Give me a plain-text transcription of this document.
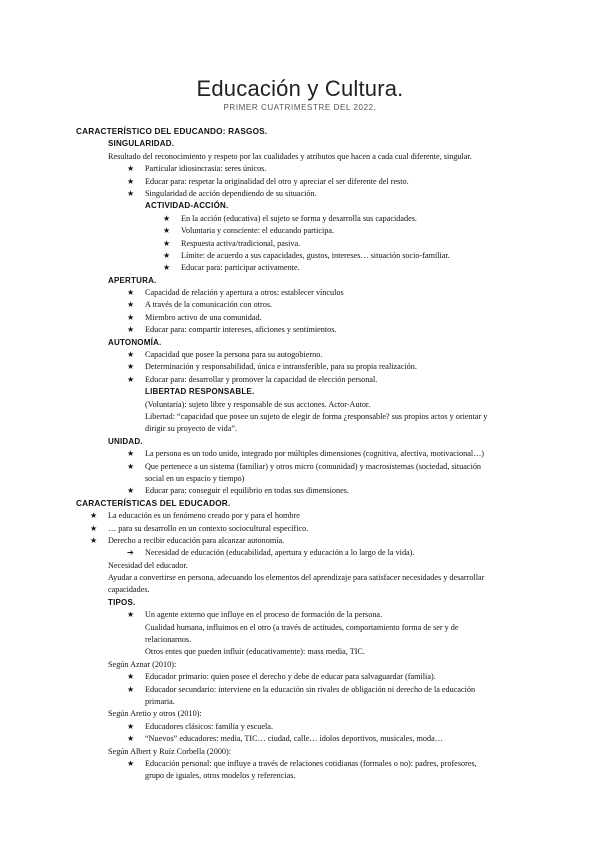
Educación y Cultura.
PRIMER CUATRIMESTRE DEL 2022.
CARACTERÍSTICO DEL EDUCANDO: RASGOS.
SINGULARIDAD.
Resultado del reconocimiento y respeto por las cualidades y atributos que hacen a cada cual diferente, singular.
★ Particular idiosincrasia: seres únicos.
★ Educar para: respetar la originalidad del otro y apreciar el ser diferente del resto.
★ Singularidad de acción dependiendo de su situación.
ACTIVIDAD-ACCIÓN.
★ En la acción (educativa) el sujeto se forma y desarrolla sus capacidades.
★ Voluntaria y consciente: el educando participa.
★ Respuesta activa/tradicional, pasiva.
★ Límite: de acuerdo a sus capacidades, gustos, intereses… situación socio-familiar.
★ Educar para: participar activamente.
APERTURA.
★ Capacidad de relación y apertura a otros: establecer vínculos
★ A través de la comunicación con otros.
★ Miembro activo de una comunidad.
★ Educar para: compartir intereses, aficiones y sentimientos.
AUTONOMÍA.
★ Capacidad que posee la persona para su autogobierno.
★ Determinación y responsabilidad, única e intransferible, para su propia realización.
★ Educar para: desarrollar y promover la capacidad de elección personal.
LIBERTAD RESPONSABLE.
(Voluntaria): sujeto libre y responsable de sus acciones. Actor-Autor.
Libertad: “capacidad que posee un sujeto de elegir de forma ¿responsable? sus propios actos y orientar y
dirigir su proyecto de vida”.
UNIDAD.
★ La persona es un todo unido, integrado por múltiples dimensiones (cognitiva, afectiva, motivacional…)
★ Que pertenece a un sistema (familiar) y otros micro (comunidad) y macrosistemas (sociedad, situación
social en un espacio y tiempo)
★ Educar para: conseguir el equilibrio en todas sus dimensiones.
CARACTERÍSTICAS DEL EDUCADOR.
★ La educación es un fenómeno creado por y para el hombre
★ … para su desarrollo en un contexto sociocultural específico.
★ Derecho a recibir educación para alcanzar autonomía.
➔ Necesidad de educación (educabilidad, apertura y educación a lo largo de la vida).
Necesidad del educador.
Ayudar a convertirse en persona, adecuando los elementos del aprendizaje para satisfacer necesidades y desarrollar
capacidades.
TIPOS.
★ Un agente externo que influye en el proceso de formación de la persona.
Cualidad humana, influimos en el otro (a través de actitudes, comportamiento forma de ser y de
relacionarnos.
Otros entes que pueden influir (educativamente): mass media, TIC.
Según Aznar (2010):
★ Educador primario: quien posee el derecho y debe de educar para salvaguardar (familia).
★ Educador secundario: interviene en la educación sin rivales de obligación ni derecho de la educación
primaria.
Según Aretio y otros (2010):
★ Educadores clásicos: familia y escuela.
★ “Nuevos” educadores: media, TIC… ciudad, calle… ídolos deportivos, musicales, moda…
Según Albert y Ruíz Corbella (2000):
★ Educación personal: que influye a través de relaciones cotidianas (formales o no): padres, profesores,
grupo de iguales, otros modelos y referencias.
